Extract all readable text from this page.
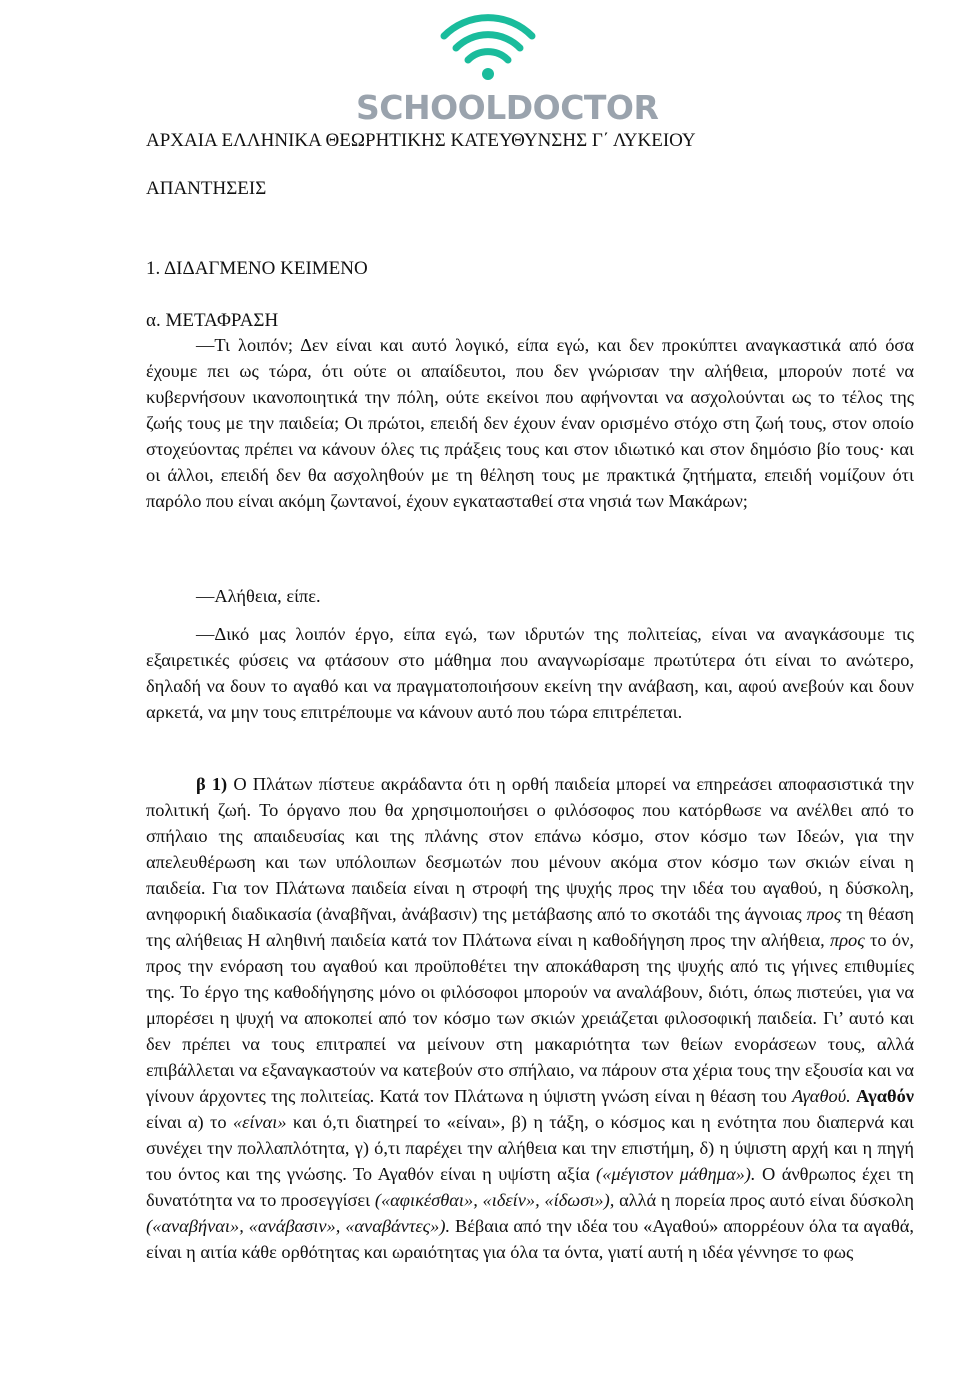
SCHOOLDOCTOR
ΑΡΧΑΙΑ ΕΛΛΗΝΙΚΑ ΘΕΩΡΗΤΙΚΗΣ ΚΑΤΕΥΘΥΝΣΗΣ Γ΄ ΛΥΚΕΙΟΥ
ΑΠΑΝΤΗΣΕΙΣ
1. ΔΙΔΑΓΜΕΝΟ ΚΕΙΜΕΝΟ
α. ΜΕΤΑΦΡΑΣΗ

—Τι λοιπόν; Δεν είναι και αυτό λογικό, είπα εγώ, και δεν προκύπτει αναγκαστικά από όσα έχουμε πει ως τώρα, ότι ούτε οι απαίδευτοι, που δεν γνώρισαν την αλήθεια, μπορούν ποτέ να κυβερνήσουν ικανοποιητικά την πόλη, ούτε εκείνοι που αφήνονται να ασχολούνται ως το τέλος της ζωής τους με την παιδεία; Οι πρώτοι, επειδή δεν έχουν έναν ορισμένο στόχο στη ζωή τους, στον οποίο στοχεύοντας πρέπει να κάνουν όλες τις πράξεις τους και στον ιδιωτικό και στον δημόσιο βίο τους· και οι άλλοι, επειδή δεν θα ασχοληθούν με τη θέληση τους με πρακτικά ζητήματα, επειδή νομίζουν ότι παρόλο που είναι ακόμη ζωντανοί, έχουν εγκατασταθεί στα νησιά των Μακάρων;

—Αλήθεια, είπε.

—Δικό μας λοιπόν έργο, είπα εγώ, των ιδρυτών της πολιτείας, είναι να αναγκάσουμε τις εξαιρετικές φύσεις να φτάσουν στο μάθημα που αναγνωρίσαμε πρωτύτερα ότι είναι το ανώτερο, δηλαδή να δουν το αγαθό και να πραγματοποιήσουν εκείνη την ανάβαση, και, αφού ανεβούν και δουν αρκετά, να μην τους επιτρέπουμε να κάνουν αυτό που τώρα επιτρέπεται.

β 1) Ο Πλάτων πίστευε ακράδαντα ότι η ορθή παιδεία μπορεί να επηρεάσει αποφασιστικά την πολιτική ζωή. Το όργανο που θα χρησιμοποιήσει ο φιλόσοφος που κατόρθωσε να ανέλθει από το σπήλαιο της απαιδευσίας και της πλάνης στον επάνω κόσμο, στον κόσμο των Ιδεών, για την απελευθέρωση και των υπόλοιπων δεσμωτών που μένουν ακόμα στον κόσμο των σκιών είναι η παιδεία. Για τον Πλάτωνα παιδεία είναι η στροφή της ψυχής προς την ιδέα του αγαθού, η δύσκολη, ανηφορική διαδικασία (ἀναβῆναι, ἀνάβασιν) της μετάβασης από το σκοτάδι της άγνοιας προς τη θέαση της αλήθειας Η αληθινή παιδεία κατά τον Πλάτωνα είναι η καθοδήγηση προς την αλήθεια, προς το όν, προς την ενόραση του αγαθού και προϋποθέτει την αποκάθαρση της ψυχής από τις γήινες επιθυμίες της. Το έργο της καθοδήγησης μόνο οι φιλόσοφοι μπορούν να αναλάβουν, διότι, όπως πιστεύει, για να μπορέσει η ψυχή να αποκοπεί από τον κόσμο των σκιών χρειάζεται φιλοσοφική παιδεία. Γι’ αυτό και δεν πρέπει να τους επιτραπεί να μείνουν στη μακαριότητα των θείων ενοράσεων τους, αλλά επιβάλλεται να εξαναγκαστούν να κατεβούν στο σπήλαιο, να πάρουν στα χέρια τους την εξουσία και να γίνουν άρχοντες της πολιτείας. Κατά τον Πλάτωνα η ύψιστη γνώση είναι η θέαση του Αγαθού. Αγαθόν είναι α) το «είναι» και ό,τι διατηρεί το «είναι», β) η τάξη, ο κόσμος και η ενότητα που διαπερνά και συνέχει την πολλαπλότητα, γ) ό,τι παρέχει την αλήθεια και την επιστήμη, δ) η ύψιστη αρχή και η πηγή του όντος και της γνώσης. Το Αγαθόν είναι η υψίστη αξία («μέγιστον μάθημα»). Ο άνθρωπος έχει τη δυνατότητα να το προσεγγίσει («αφικέσθαι», «ιδείν», «ίδωσι»), αλλά η πορεία προς αυτό είναι δύσκολη («αναβήναι», «ανάβασιν», «αναβάντες»). Βέβαια από την ιδέα του «Αγαθού» απορρέουν όλα τα αγαθά, είναι η αιτία κάθε ορθότητας και ωραιότητας για όλα τα όντα, γιατί αυτή η ιδέα γέννησε το φως
